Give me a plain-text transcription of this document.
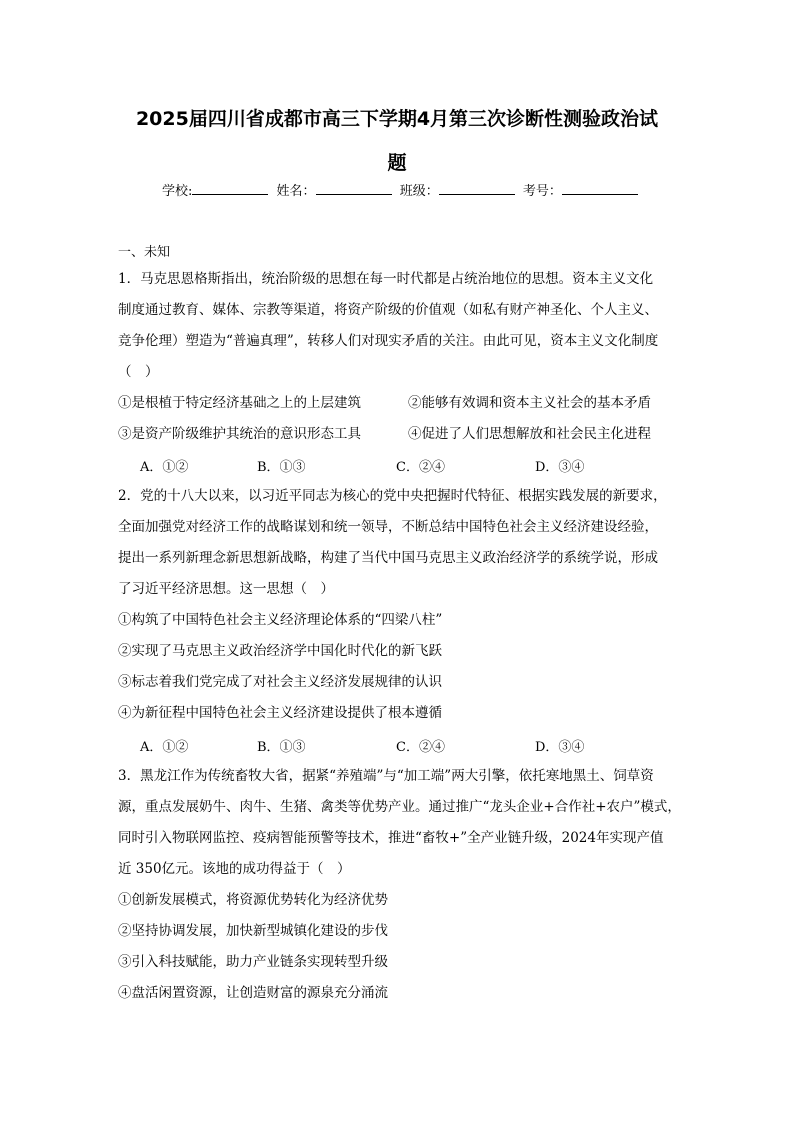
2025届四川省成都市高三下学期4月第三次诊断性测验政治试
题
学校:	姓名：	班级：	考号：
一、未知
1．马克思恩格斯指出，统治阶级的思想在每一时代都是占统治地位的思想。资本主义文化
制度通过教育、媒体、宗教等渠道，将资产阶级的价值观（如私有财产神圣化、个人主义、
竞争伦理）塑造为“普遍真理”，转移人们对现实矛盾的关注。由此可见，资本主义文化制度
（　）
①是根植于特定经济基础之上的上层建筑	②能够有效调和资本主义社会的基本矛盾
③是资产阶级维护其统治的意识形态工具	④促进了人们思想解放和社会民主化进程
A．①②	B．①③	C．②④	D．③④
2．党的十八大以来，以习近平同志为核心的党中央把握时代特征、根据实践发展的新要求，
全面加强党对经济工作的战略谋划和统一领导，不断总结中国特色社会主义经济建设经验，
提出一系列新理念新思想新战略，构建了当代中国马克思主义政治经济学的系统学说，形成
了习近平经济思想。这一思想（　）
①构筑了中国特色社会主义经济理论体系的“四梁八柱”
②实现了马克思主义政治经济学中国化时代化的新飞跃
③标志着我们党完成了对社会主义经济发展规律的认识
④为新征程中国特色社会主义经济建设提供了根本遵循
A．①②	B．①③	C．②④	D．③④
3．黑龙江作为传统畜牧大省，据紧“养殖端”与“加工端”两大引擎，依托寒地黑土、饲草资
源，重点发展奶牛、肉牛、生猪、禽类等优势产业。通过推广“龙头企业+合作社+农户”模式，
同时引入物联网监控、疫病智能预警等技术，推进“畜牧+”全产业链升级，2024年实现产值
近 350亿元。该地的成功得益于（　）
①创新发展模式，将资源优势转化为经济优势
②坚持协调发展，加快新型城镇化建设的步伐
③引入科技赋能，助力产业链条实现转型升级
④盘活闲置资源，让创造财富的源泉充分涌流
